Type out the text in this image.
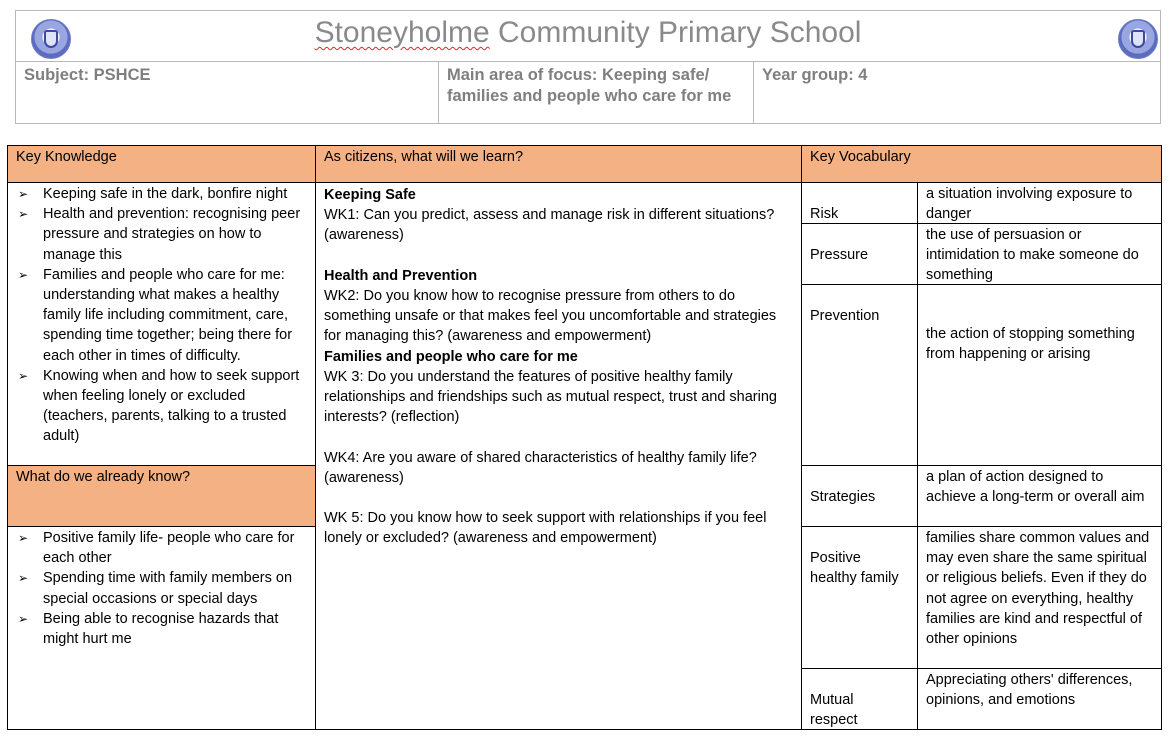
Stoneyholme Community Primary School
Subject: PSHCE	Main area of focus: Keeping safe/ families and people who care for me
Year group: 4
Key Knowledge
➢ Keeping safe in the dark, bonfire night
➢ Health and prevention: recognising peer pressure and strategies on how to manage this
➢ Families and people who care for me: understanding what makes a healthy family life including commitment, care, spending time together; being there for each other in times of difficulty.
➢ Knowing when and how to seek support when feeling lonely or excluded (teachers, parents, talking to a trusted adult)
What do we already know?
➢ Positive family life- people who care for each other
➢ Spending time with family members on special occasions or special days
➢ Being able to recognise hazards that might hurt me
As citizens, what will we learn?

Keeping Safe

WK1: Can you predict, assess and manage risk in different situations? (awareness)

Health and Prevention

WK2: Do you know how to recognise pressure from others to do something unsafe or that makes feel you uncomfortable and strategies for managing this? (awareness and empowerment)

Families and people who care for me

WK 3: Do you understand the features of positive healthy family relationships and friendships such as mutual respect, trust and sharing interests? (reflection)

WK4: Are you aware of shared characteristics of healthy family life? (awareness)

WK 5: Do you know how to seek support with relationships if you feel lonely or excluded? (awareness and empowerment)

Key Vocabulary
Risk
a situation involving exposure to danger
Pressure
the use of persuasion or intimidation to make someone do something
Prevention
the action of stopping something from happening or arising
Strategies
a plan of action designed to achieve a long-term or overall aim
Positive healthy family
families share common values and may even share the same spiritual or religious beliefs. Even if they do not agree on everything, healthy families are kind and respectful of other opinions
Mutual respect
Appreciating others' differences, opinions, and emotions
